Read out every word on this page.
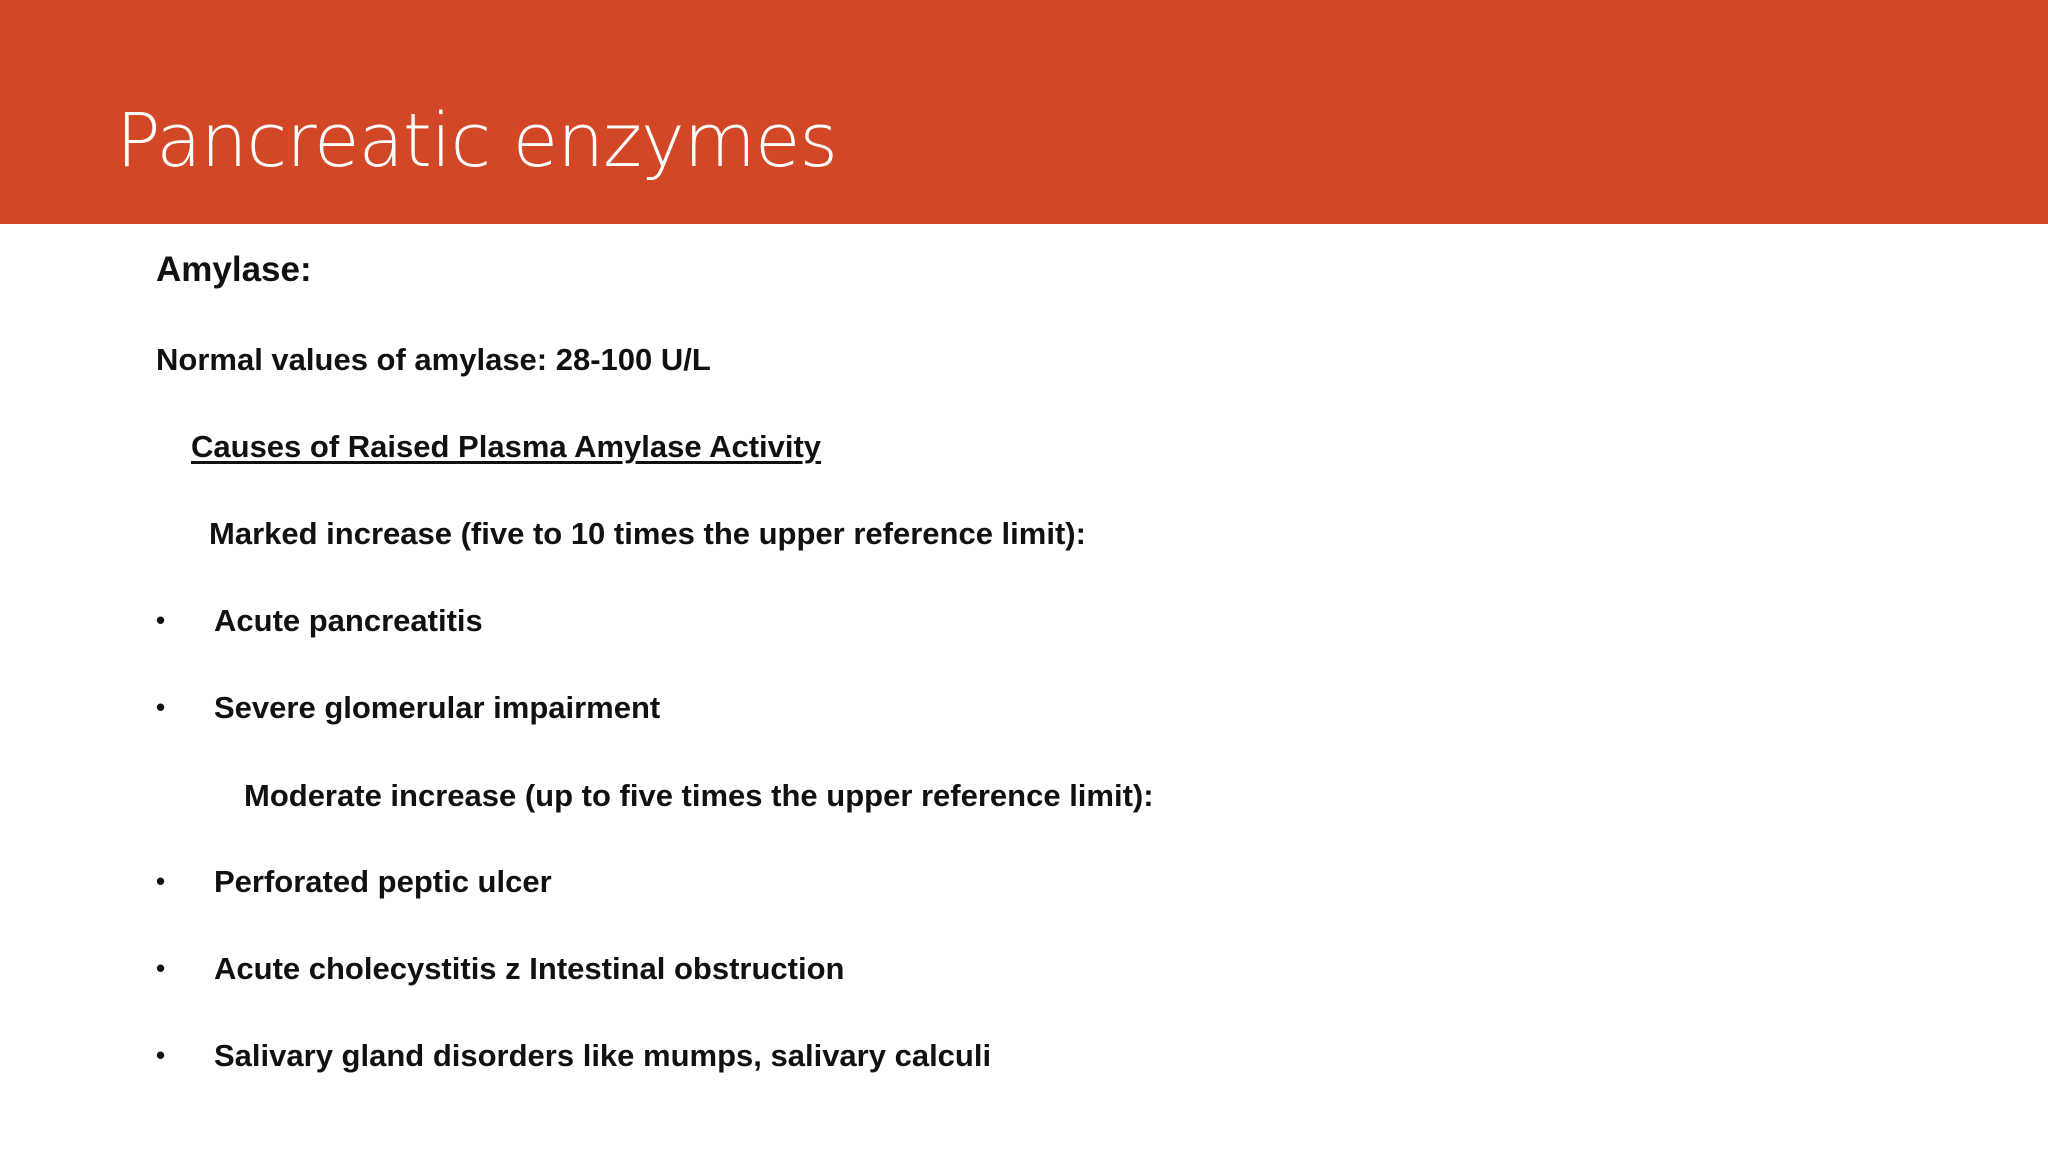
Pancreatic enzymes
Amylase:
Normal values of amylase: 28-100 U/L
Causes of Raised Plasma Amylase Activity
Marked increase (five to 10 times the upper reference limit):
• Acute pancreatitis
• Severe glomerular impairment
Moderate increase (up to five times the upper reference limit):
• Perforated peptic ulcer
• Acute cholecystitis z Intestinal obstruction
• Salivary gland disorders like mumps, salivary calculi
